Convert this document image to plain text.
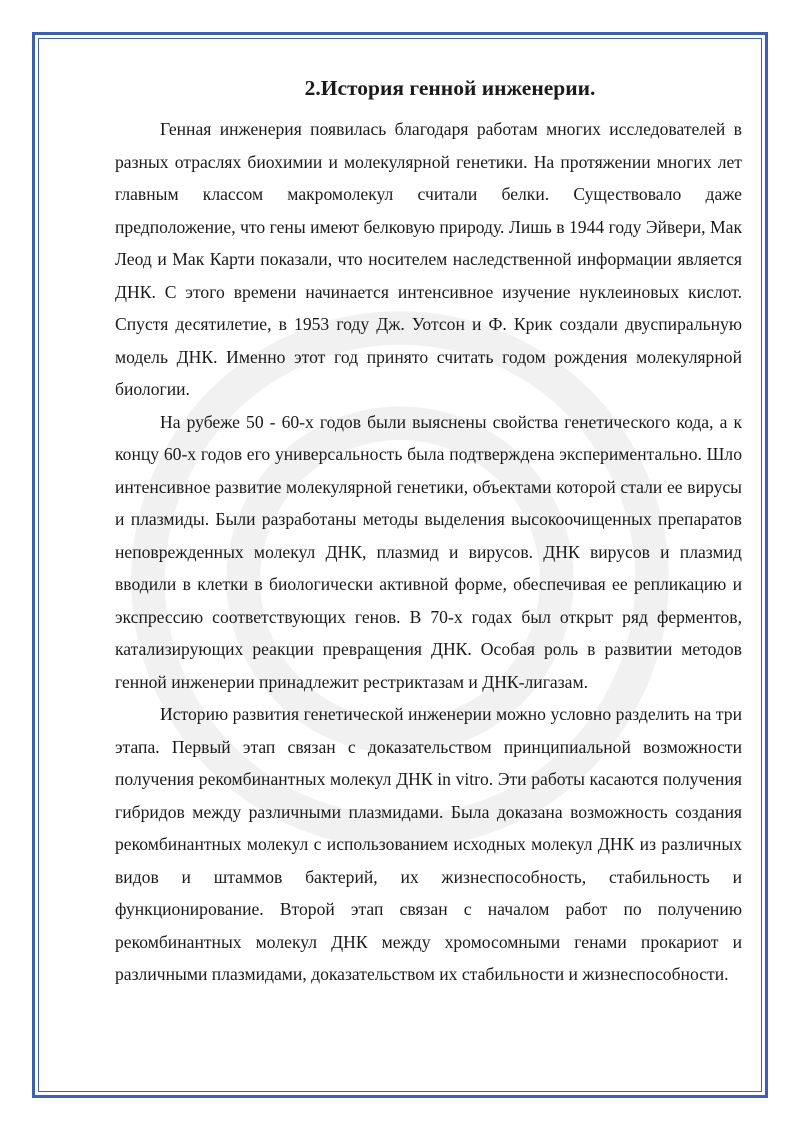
2.История генной инженерии.

Генная инженерия появилась благодаря работам многих исследователей в разных отраслях биохимии и молекулярной генетики. На протяжении многих лет главным классом макромолекул считали белки. Существовало даже предположение, что гены имеют белковую природу. Лишь в 1944 году Эйвери, Мак Леод и Мак Карти показали, что носителем наследственной информации является ДНК. С этого времени начинается интенсивное изучение нуклеиновых кислот. Спустя десятилетие, в 1953 году Дж. Уотсон и Ф. Крик создали двуспиральную модель ДНК. Именно этот год принято считать годом рождения молекулярной биологии.

На рубеже 50 - 60-х годов были выяснены свойства генетического кода, а к концу 60-х годов его универсальность была подтверждена экспериментально. Шло интенсивное развитие молекулярной генетики, объектами которой стали ее вирусы и плазмиды. Были разработаны методы выделения высокоочищенных препаратов неповрежденных молекул ДНК, плазмид и вирусов. ДНК вирусов и плазмид вводили в клетки в биологически активной форме, обеспечивая ее репликацию и экспрессию соответствующих генов. В 70-х годах был открыт ряд ферментов, катализирующих реакции превращения ДНК. Особая роль в развитии методов генной инженерии принадлежит рестриктазам и ДНК-лигазам.

Историю развития генетической инженерии можно условно разделить на три этапа. Первый этап связан с доказательством принципиальной возможности получения рекомбинантных молекул ДНК in vitro. Эти работы касаются получения гибридов между различными плазмидами. Была доказана возможность создания рекомбинантных молекул с использованием исходных молекул ДНК из различных видов и штаммов бактерий, их жизнеспособность, стабильность и функционирование. Второй этап связан с началом работ по получению рекомбинантных молекул ДНК между хромосомными генами прокариот и различными плазмидами, доказательством их стабильности и жизнеспособности.
